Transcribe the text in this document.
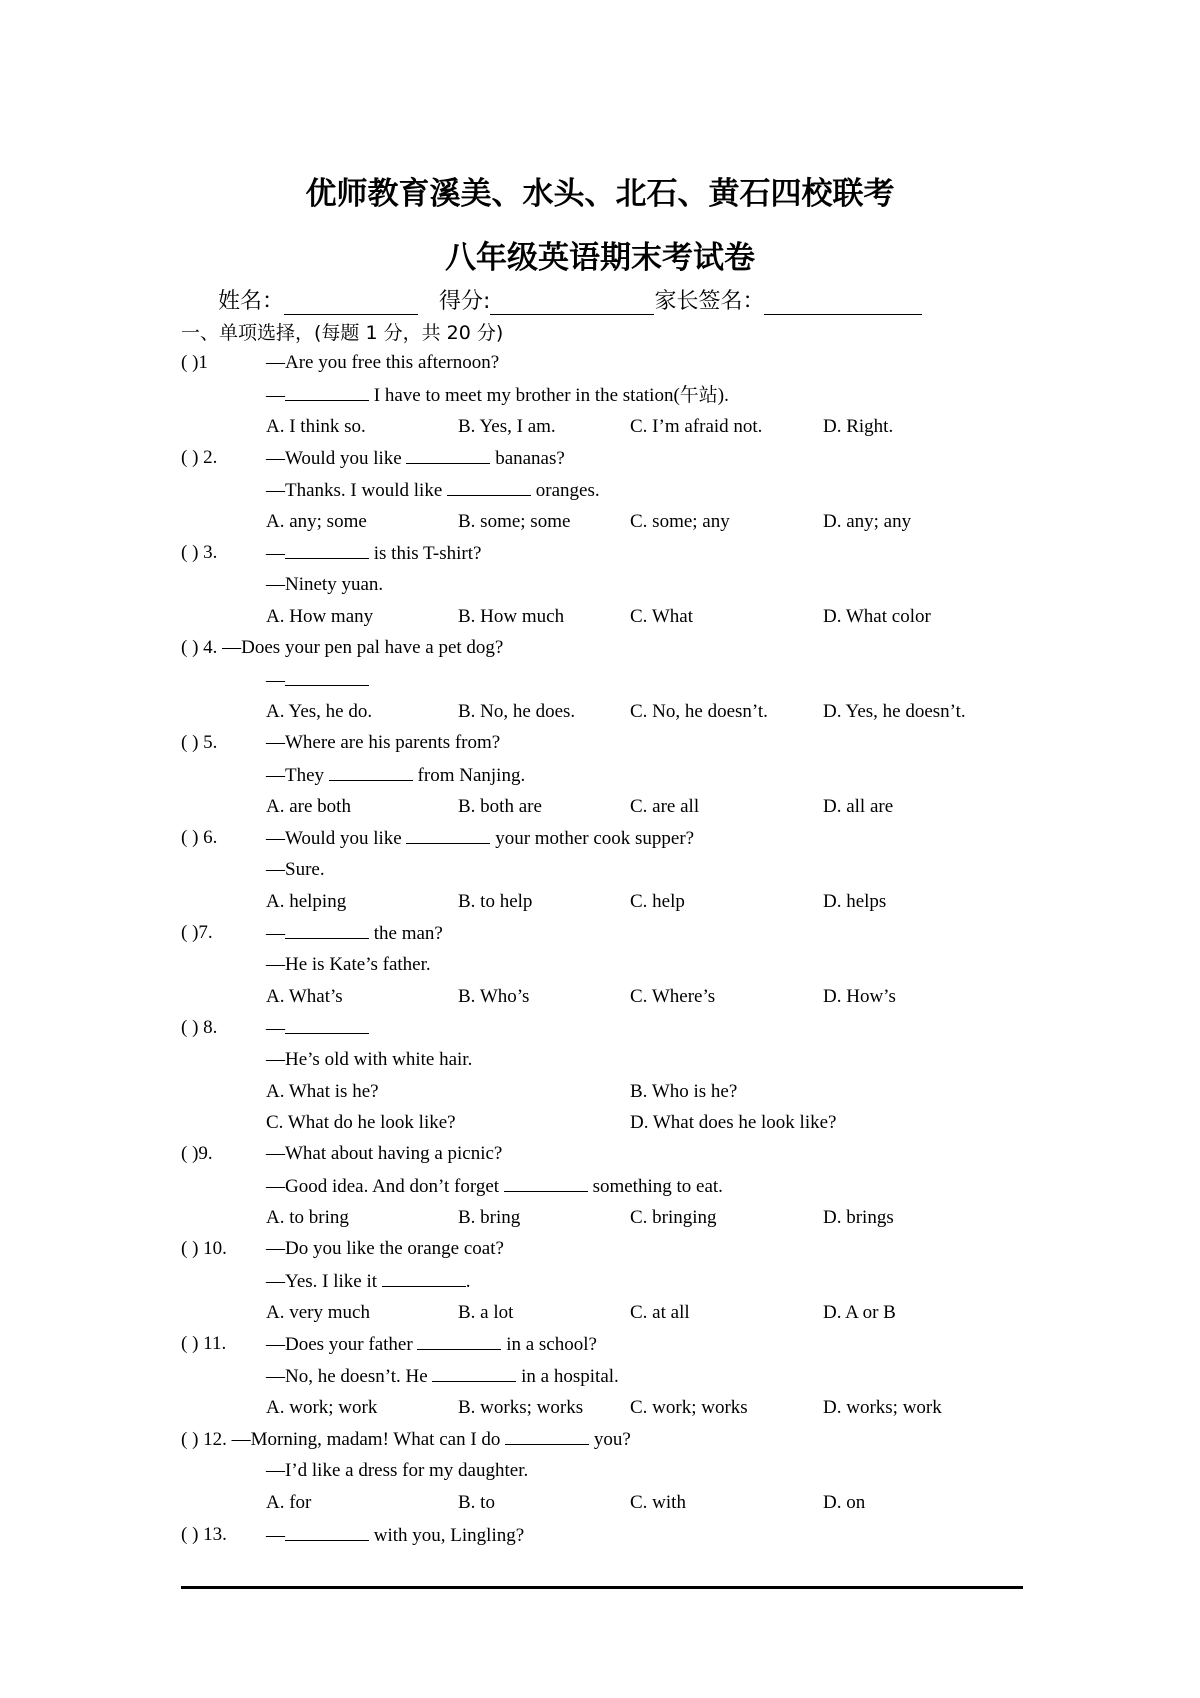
优师教育溪美、水头、北石、黄石四校联考
八年级英语期末考试卷
姓名：	得分:	家长签名：
一、单项选择，(每题 1 分，共 20 分)
( )1	—Are you free this afternoon?
—	I have to meet my brother in the station(午站).
A. I think so.	B. Yes, I am.	C. I’m afraid not.	D. Right.
( ) 2.	—Would you like	bananas?
—Thanks. I would like	oranges.
A. any; some	B. some; some	C. some; any	D. any; any
( ) 3.	—	is this T-shirt?
—Ninety yuan.
A. How many	B. How much	C. What	D. What color
( ) 4. —Does your pen pal have a pet dog?
—
A. Yes, he do.	B. No, he does.	C. No, he doesn’t.	D. Yes, he doesn’t.
( ) 5.	—Where are his parents from?
—They	from Nanjing.
A. are both	B. both are	C. are all	D. all are
( ) 6.	—Would you like	your mother cook supper?
—Sure.
A. helping	B. to help	C. help	D. helps
( )7.	—	the man?
—He is Kate’s father.
A. What’s	B. Who’s	C. Where’s	D. How’s
( ) 8.	—
—He’s old with white hair.
A. What is he?	B. Who is he?
C. What do he look like?	D. What does he look like?
( )9.	—What about having a picnic?
—Good idea. And don’t forget	something to eat.
A. to bring	B. bring	C. bringing	D. brings
( ) 10. —Do you like the orange coat?
—Yes. I like it	.
A. very much	B. a lot	C. at all	D. A or B
( ) 11. —Does your father	in a school?
—No, he doesn’t. He	in a hospital.
A. work; work	B. works; works C. work; works	D. works; work
( ) 12. —Morning, madam! What can I do	you?
—I’d like a dress for my daughter.
A. for	B. to	C. with	D. on
( ) 13. —	with you, Lingling?
